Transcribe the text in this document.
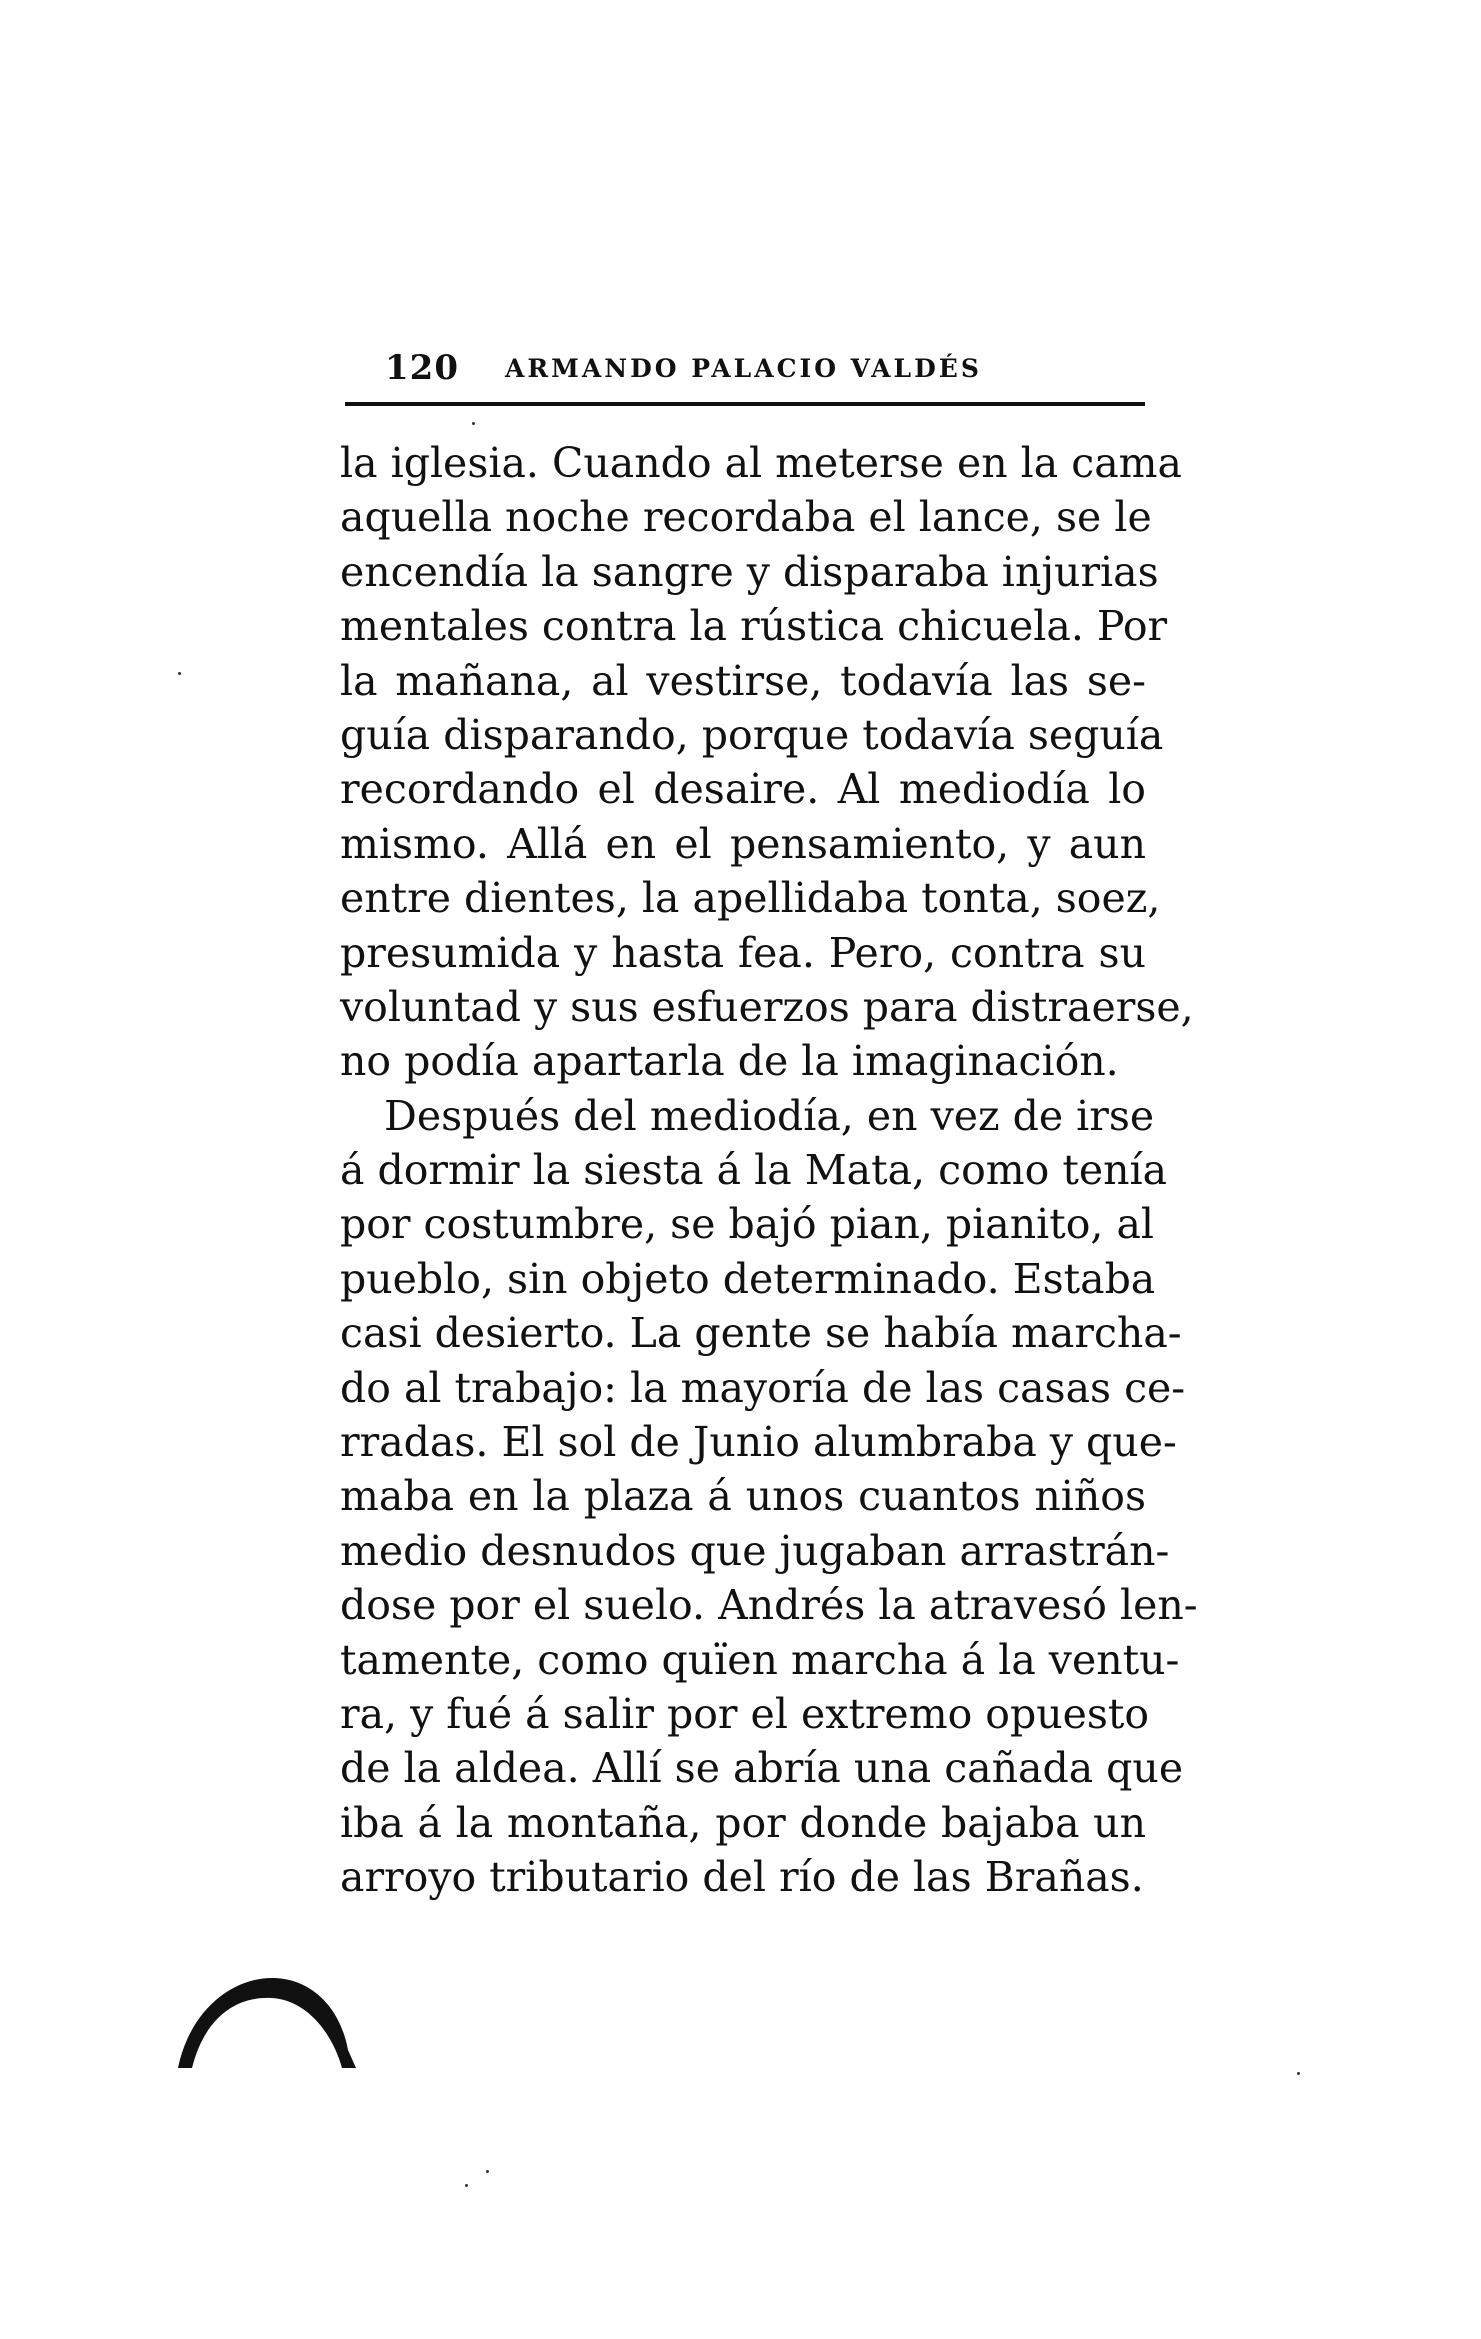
120 ARMANDO PALACIO VALDÉS
la iglesia. Cuando al meterse en la cama
aquella noche recordaba el lance, se le
encendía la sangre y disparaba injurias
mentales contra la rústica chicuela. Por
la mañana, al vestirse, todavía las se-
guía disparando, porque todavía seguía
recordando el desaire. Al mediodía lo
mismo. Allá en el pensamiento, y aun
entre dientes, la apellidaba tonta, soez,
presumida y hasta fea. Pero, contra su
voluntad y sus esfuerzos para distraerse,
no podía apartarla de la imaginación.
Después del mediodía, en vez de irse
á dormir la siesta á la Mata, como tenía
por costumbre, se bajó pian, pianito, al
pueblo, sin objeto determinado. Estaba
casi desierto. La gente se había marcha-
do al trabajo: la mayoría de las casas ce-
rradas. El sol de Junio alumbraba y que-
maba en la plaza á unos cuantos niños
medio desnudos que jugaban arrastrán-
dose por el suelo. Andrés la atravesó len-
tamente, como quïen marcha á la ventu-
ra, y fué á salir por el extremo opuesto
de la aldea. Allí se abría una cañada que
iba á la montaña, por donde bajaba un
arroyo tributario del río de las Brañas.
